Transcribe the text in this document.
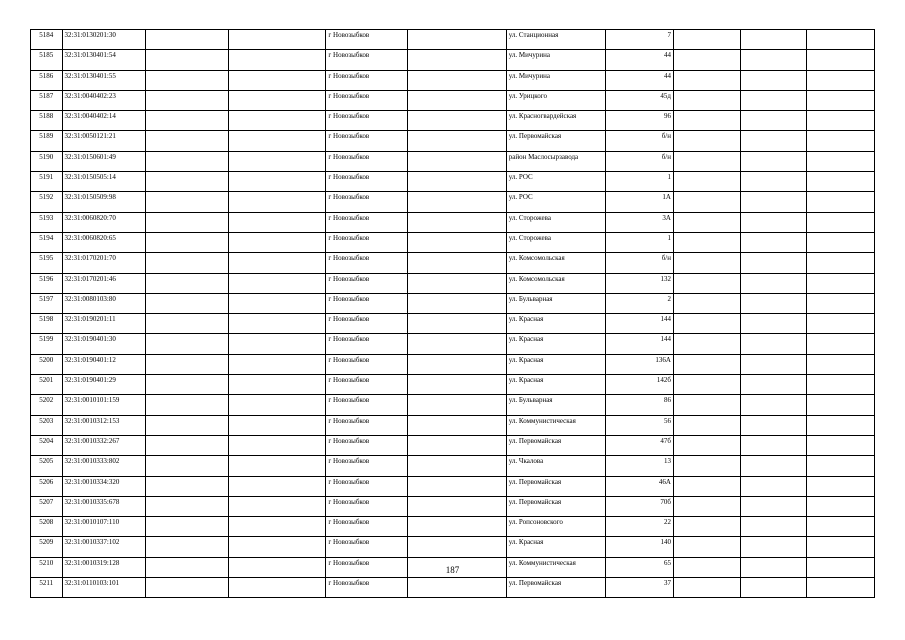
5184	32:31:0130201:30			г Новозыбков		ул. Станционная	7			
5185	32:31:0130401:54			г Новозыбков		ул. Мичурина	44			
5186	32:31:0130401:55			г Новозыбков		ул. Мичурина	44			
5187	32:31:0040402:23			г Новозыбков		ул. Урицкого	45д			
5188	32:31:0040402:14			г Новозыбков		ул. Красногвардейская	96			
5189	32:31:0050121:21			г Новозыбков		ул. Первомайская	б/н			
5190	32:31:0150601:49			г Новозыбков		район Маслосырзавода	б/н			
5191	32:31:0150505:14			г Новозыбков		ул. РОС	1			
5192	32:31:0150509:98			г Новозыбков		ул. РОС	1А			
5193	32:31:0060820:70			г Новозыбков		ул. Сторожева	3А			
5194	32:31:0060820:65			г Новозыбков		ул. Сторожева	1			
5195	32:31:0170201:70			г Новозыбков		ул. Комсомольская	б/н			
5196	32:31:0170201:46			г Новозыбков		ул. Комсомольская	132			
5197	32:31:0080103:80			г Новозыбков		ул. Бульварная	2			
5198	32:31:0190201:11			г Новозыбков		ул. Красная	144			
5199	32:31:0190401:30			г Новозыбков		ул. Красная	144			
5200	32:31:0190401:12			г Новозыбков		ул. Красная	136А			
5201	32:31:0190401:29			г Новозыбков		ул. Красная	142б			
5202	32:31:0010101:159			г Новозыбков		ул. Бульварная	86			
5203	32:31:0010312:153			г Новозыбков		ул. Коммунистическая	56			
5204	32:31:0010332:267			г Новозыбков		ул. Первомайская	47б			
5205	32:31:0010333:802			г Новозыбков		ул. Чкалова	13			
5206	32:31:0010334:320			г Новозыбков		ул. Первомайская	46А			
5207	32:31:0010335:678			г Новозыбков		ул. Первомайская	70б			
5208	32:31:0010107:110			г Новозыбков		ул. Ропсоновского	22			
5209	32:31:0010337:102			г Новозыбков		ул. Красная	140			
5210	32:31:0010319:128			г Новозыбков		ул. Коммунистическая	65			
5211	32:31:0110103:101			г Новозыбков		ул. Первомайская	37			
187
